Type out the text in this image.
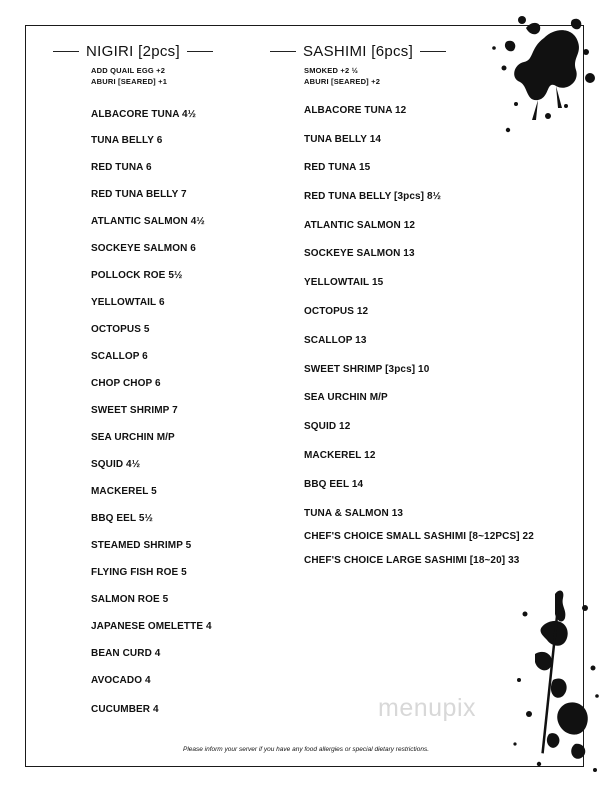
NIGIRI [2pcs]
ADD QUAIL EGG +2
ABURI [SEARED] +1
ALBACORE TUNA 4½
TUNA BELLY 6
RED TUNA 6
RED TUNA BELLY 7
ATLANTIC SALMON 4½
SOCKEYE SALMON 6
POLLOCK ROE 5½
YELLOWTAIL 6
OCTOPUS 5
SCALLOP 6
CHOP CHOP 6
SWEET SHRIMP 7
SEA URCHIN M/P
SQUID 4½
MACKEREL 5
BBQ EEL 5½
STEAMED SHRIMP 5
FLYING FISH ROE 5
SALMON ROE 5
JAPANESE OMELETTE 4
BEAN CURD 4
AVOCADO 4
CUCUMBER 4
SASHIMI [6pcs]
SMOKED +2 ½
ABURI [SEARED] +2
ALBACORE TUNA 12
TUNA BELLY 14
RED TUNA 15
RED TUNA BELLY [3pcs] 8½
ATLANTIC SALMON 12
SOCKEYE SALMON 13
YELLOWTAIL 15
OCTOPUS 12
SCALLOP 13
SWEET SHRIMP [3pcs] 10
SEA URCHIN M/P
SQUID 12
MACKEREL 12
BBQ EEL 14
TUNA & SALMON 13
CHEF'S CHOICE SMALL SASHIMI [8~12PCS] 22
CHEF'S CHOICE LARGE SASHIMI [18~20] 33
menupix
Please inform your server if you have any food allergies or special dietary restrictions.
